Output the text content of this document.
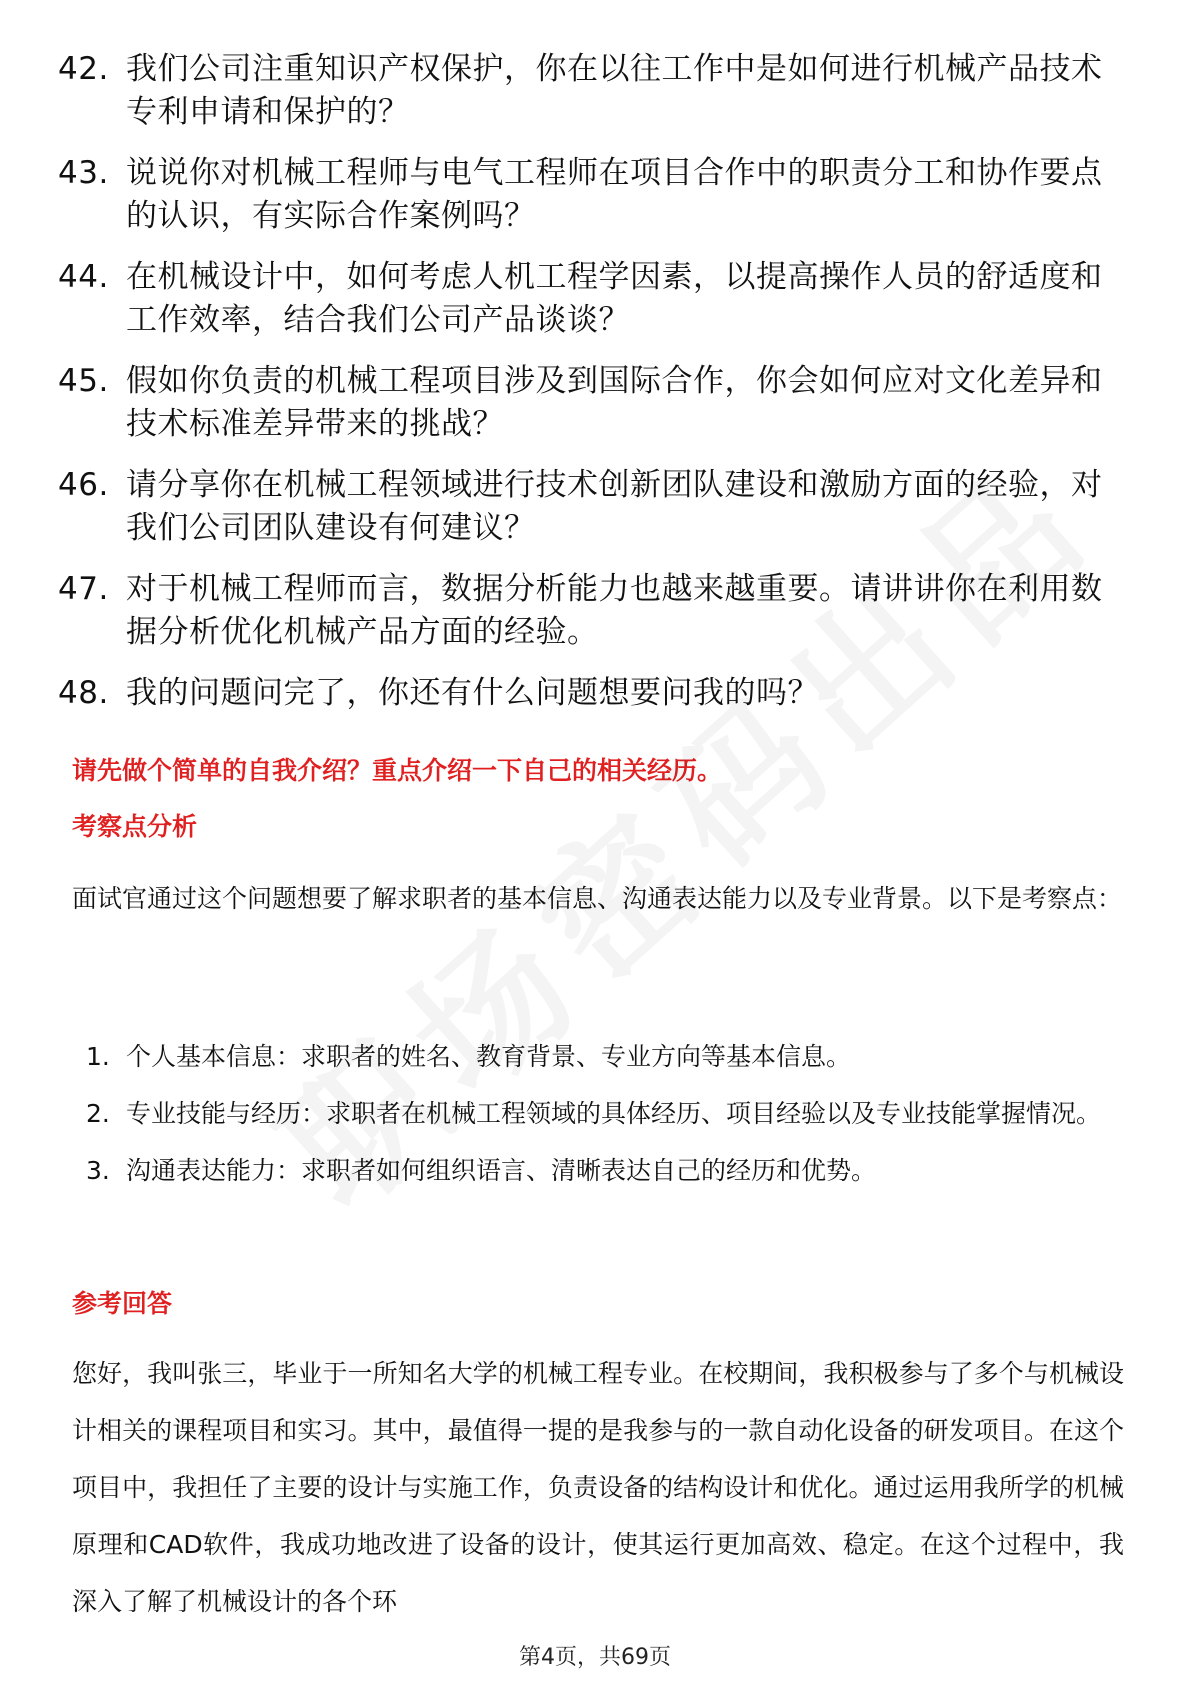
42. 我们公司注重知识产权保护，你在以往工作中是如何进行机械产品技术专利申请和保护的？
43. 说说你对机械工程师与电气工程师在项目合作中的职责分工和协作要点的认识，有实际合作案例吗？
44. 在机械设计中，如何考虑人机工程学因素，以提高操作人员的舒适度和工作效率，结合我们公司产品谈谈？
45. 假如你负责的机械工程项目涉及到国际合作，你会如何应对文化差异和技术标准差异带来的挑战？
46. 请分享你在机械工程领域进行技术创新团队建设和激励方面的经验，对我们公司团队建设有何建议？
47. 对于机械工程师而言，数据分析能力也越来越重要。请讲讲你在利用数据分析优化机械产品方面的经验。
48. 我的问题问完了，你还有什么问题想要问我的吗？
请先做个简单的自我介绍？重点介绍一下自己的相关经历。
考察点分析

面试官通过这个问题想要了解求职者的基本信息、沟通表达能力以及专业背景。以下是考察点：

1. 个人基本信息：求职者的姓名、教育背景、专业方向等基本信息。
2. 专业技能与经历：求职者在机械工程领域的具体经历、项目经验以及专业技能掌握情况。
3. 沟通表达能力：求职者如何组织语言、清晰表达自己的经历和优势。
参考回答

您好，我叫张三，毕业于一所知名大学的机械工程专业。在校期间，我积极参与了多个与机械设计相关的课程项目和实习。其中，最值得一提的是我参与的一款自动化设备的研发项目。在这个项目中，我担任了主要的设计与实施工作，负责设备的结构设计和优化。通过运用我所学的机械原理和CAD软件，我成功地改进了设备的设计，使其运行更加高效、稳定。在这个过程中，我深入了解了机械设计的各个环

第4页，共69页
